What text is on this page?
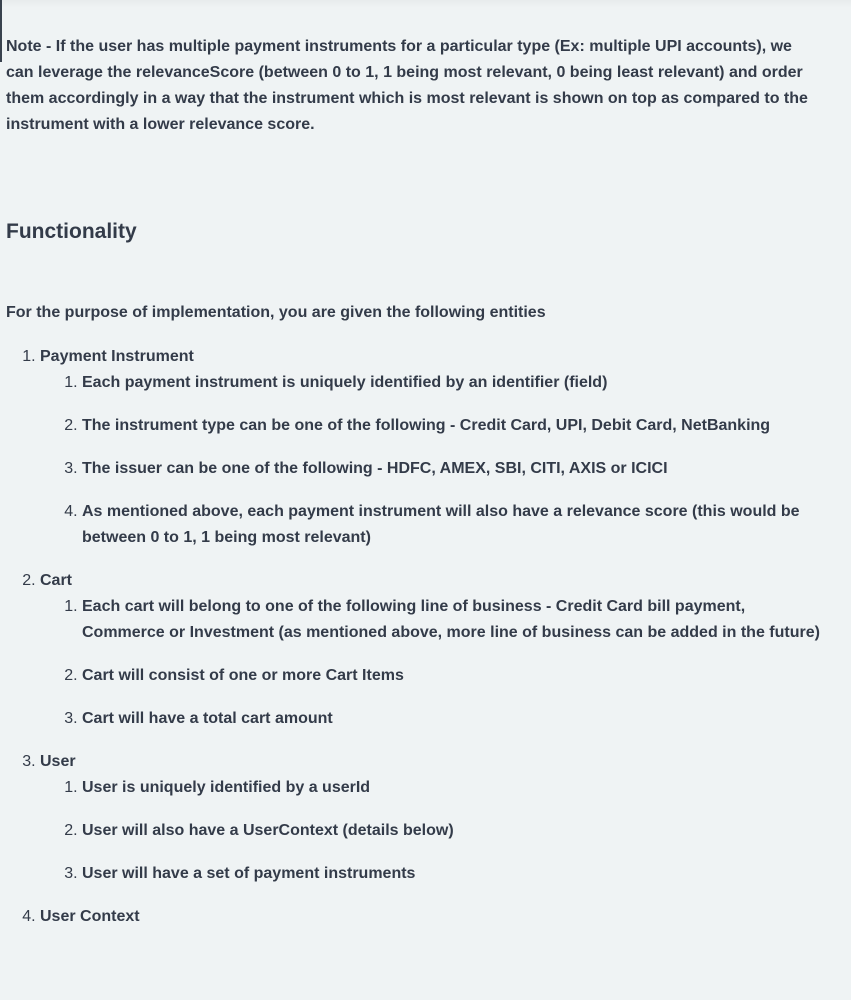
Note - If the user has multiple payment instruments for a particular type (Ex: multiple UPI accounts), we can leverage the relevanceScore (between 0 to 1, 1 being most relevant, 0 being least relevant) and order them accordingly in a way that the instrument which is most relevant is shown on top as compared to the instrument with a lower relevance score.

Functionality

For the purpose of implementation, you are given the following entities

1. Payment Instrument
1. Each payment instrument is uniquely identified by an identifier (field)
2. The instrument type can be one of the following - Credit Card, UPI, Debit Card, NetBanking
3. The issuer can be one of the following - HDFC, AMEX, SBI, CITI, AXIS or ICICI
4. As mentioned above, each payment instrument will also have a relevance score (this would be between 0 to 1, 1 being most relevant)
2. Cart
1. Each cart will belong to one of the following line of business - Credit Card bill payment, Commerce or Investment (as mentioned above, more line of business can be added in the future)
2. Cart will consist of one or more Cart Items
3. Cart will have a total cart amount
3. User
1. User is uniquely identified by a userId
2. User will also have a UserContext (details below)
3. User will have a set of payment instruments
4. User Context
